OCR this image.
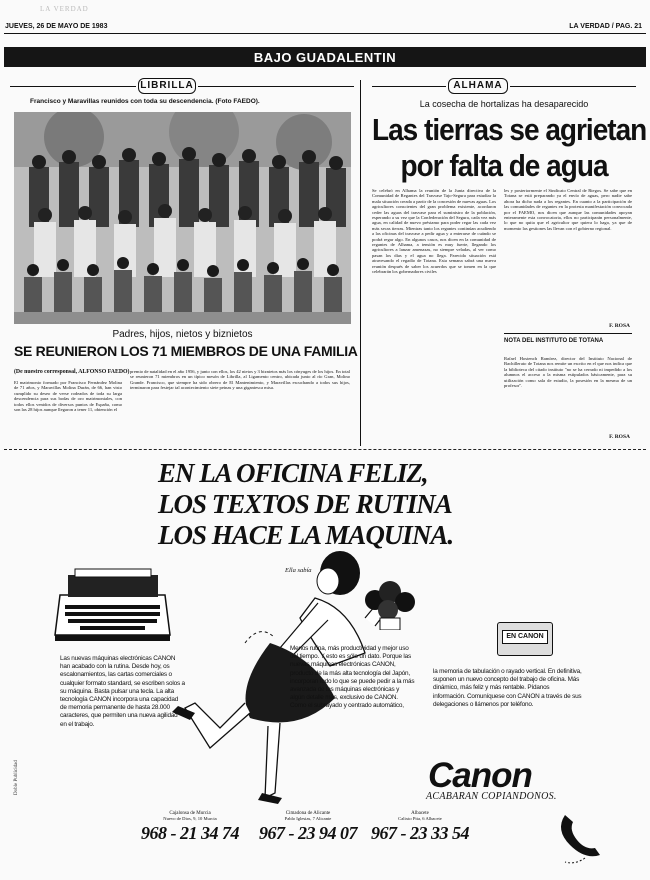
LA VERDAD
JUEVES, 26 DE MAYO DE 1983	LA VERDAD / PAG. 21
BAJO GUADALENTIN
LIBRILLA
Francisco y Maravillas reunidos con toda su descendencia. (Foto FAEDO).
Padres, hijos, nietos y biznietos
SE REUNIERON LOS 71 MIEMBROS DE UNA FAMILIA
(De nuestro corresponsal, ALFONSO FAEDO)
El matrimonio formado por Francisco Fernández Molina de 71 años, y Maravillas Molina Durán, de 66, han visto cumplido su deseo de verse rodeados de toda su larga descendencia para sus bodas de oro matrimoniales, con todos ellos venidos de diversos puntos de España, como son las 28 hijos aunque llegaron a tener 11, obtención el
premio de natalidad en el año 1956, y junto con ellos, los 42 nietos y 3 biznietos más los cónyuges de los hijos. En total se reunieron 71 miembros en un típico mesón de Librilla, al Ligamento centro, ubicada junto al río Gran, Molino Grande. Francisco, que siempre ha sido obrero de El Mantenimiento, y Maravillas escuchando a todos sus hijos, terminaron para festejar tal acontecimiento siete peinas y una gigantesca misa.
ALHAMA
La cosecha de hortalizas ha desaparecido
Las tierras se agrietan
por falta de agua
Se celebró en Alhama la reunión de la Junta directiva de la Comunidad de Regantes del Trasvase Tajo-Segura para estudiar la mala situación creada a partir de la concesión de nuevas aguas. Los agricultores conscientes del gran problema existente, acordaron ceder las aguas del trasvase para el suministro de la población, esperando a su vez que la Confederación del Segura, cada vez más agua, en calidad de nuevo préstamo para poder regar las cada vez más secas tierras. Mientras tanto los regantes continúan acudiendo a las oficinas del trasvase a pedir agua y a enterarse de cuándo se podrá regar algo. En algunos casos, nos dicen en la comunidad de regantes de Alhama, a tensión es muy fuerte, llegando los agricultores a lanzar amenazas, no siempre veladas, al ver como pasan los días y el agua no llega. Parecida situación está atravesando el regadío de Totana. Esta semana sabrá una nueva reunión después de saber los acuerdos que se tomen en la que celebrarán los gobernadores civiles
les y posteriormente el Sindicato Central de Riegos. Se sabe que en Totana se está preparando ya el envío de aguas, pero nadie sabe ahora ha dicho nada a los regantes. En cuanto a la participación de las comunidades de regantes en la protesta manifestación convocada por el FAEMO, nos dicen que aunque las comunidades apoyan enteramente esta convocatoria, ellos no participarán personalmente, lo que no quita que el agricultor que quiera lo haga, ya que de momento las gestiones las llevan con el gobierno regional.
F. ROSA
NOTA DEL INSTITUTO DE TOTANA
Rafael Hostench Ramírez, director del Instituto Nacional de Bachillerato de Totana nos remite un escrito en el que nos indica que la biblioteca del citado instituto "no se ha cerrado ni impedido a los alumnos el acceso a la misma estipulados básicamente, para su utilización como sala de estudio, la posesión en la mesma de un profesor".
F. ROSA
EN LA OFICINA FELIZ,
LOS TEXTOS DE RUTINA
LOS HACE LA MAQUINA.
Ella sabía
EN CANON
Las nuevas máquinas electrónicas CANON han acabado con la rutina. Desde hoy, os escalonamientos, las cartas comerciales o cualquier formato standard, se escriben solos a su máquina. Basta pulsar una tecla. La alta tecnología CANON incorpora una capacidad de memoria permanente de hasta 28.000 caracteres, que permiten una nueva agilidad en el trabajo.
Menos rutina, más productividad y mejor uso del tiempo. Y esto es sólo un dato. Porque las nuevas máquinas electrónicas CANON, producto de la más alta tecnología del Japón, incorporan todo lo que se puede pedir a la más avanzada de las máquinas electrónicas y algún detalle más, exclusivo de CANON. Como el subrayado y centrado automático,
la memoria de tabulación o rayado vertical. En definitiva, suponen un nuevo concepto del trabajo de oficina. Más dinámico, más feliz y más rentable. Pídanos información. Comuníquese con CANON a través de sus delegaciones o llámenos por teléfono.
Canon
ACABARAN COPIANDONOS.
Doble Publicidad
Cajalonsa de Murcia
Nuevo de Dios, 9, 10 Murcia
968 - 21 34 74
Cimadona de Alicante
Pablo Iglesias, 7 Alicante
967 - 23 94 07
Albacete
Calixto Pita, 6 Albacete
967 - 23 33 54
